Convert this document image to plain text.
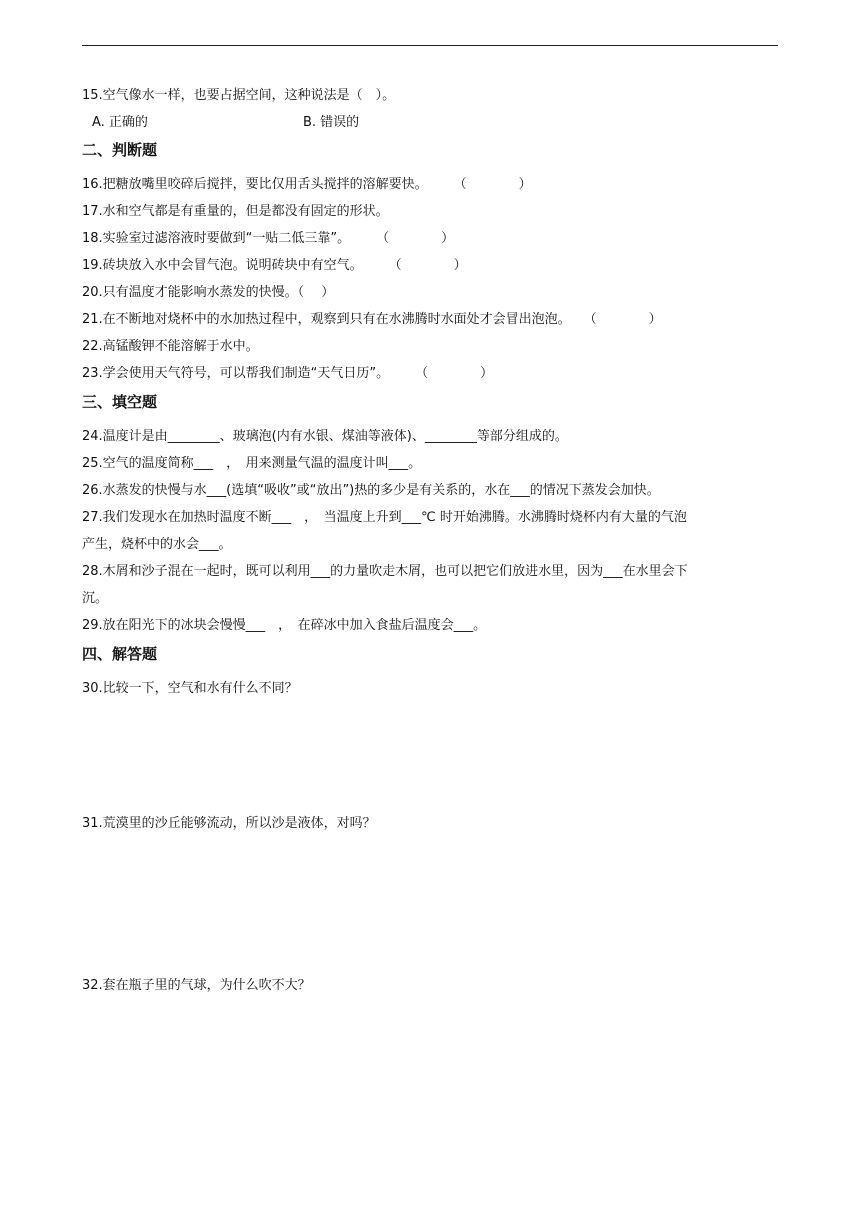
15.空气像水一样，也要占据空间，这种说法是（　）。
A. 正确的	B. 错误的
二、判断题
16.把糖放嘴里咬碎后搅拌，要比仅用舌头搅拌的溶解要快。　　　（　　　　）
17.水和空气都是有重量的，但是都没有固定的形状。
18.实验室过滤溶液时要做到“一贴二低三靠”。　　　（　　　　）
19.砖块放入水中会冒气泡。说明砖块中有空气。　　　（　　　　）
20.只有温度才能影响水蒸发的快慢。（　 ）
21.在不断地对烧杯中的水加热过程中，观察到只有在水沸腾时水面处才会冒出泡泡。　　（　　　　）
22.高锰酸钾不能溶解于水中。
23.学会使用天气符号，可以帮我们制造“天气日历”。　　　（　　　　）
三、填空题
24.温度计是由________、玻璃泡(内有水银、煤油等液体)、________等部分组成的。
25.空气的温度简称___　，　用来测量气温的温度计叫___。
26.水蒸发的快慢与水___(选填“吸收”或“放出”)热的多少是有关系的，水在___的情况下蒸发会加快。
27.我们发现水在加热时温度不断___　，　当温度上升到___℃ 时开始沸腾。水沸腾时烧杯内有大量的气泡
产生，烧杯中的水会___。
28.木屑和沙子混在一起时，既可以利用___的力量吹走木屑，也可以把它们放进水里，因为___在水里会下
沉。
29.放在阳光下的冰块会慢慢___　，　在碎冰中加入食盐后温度会___。
四、解答题
30.比较一下，空气和水有什么不同？
31.荒漠里的沙丘能够流动，所以沙是液体，对吗？
32.套在瓶子里的气球，为什么吹不大？
